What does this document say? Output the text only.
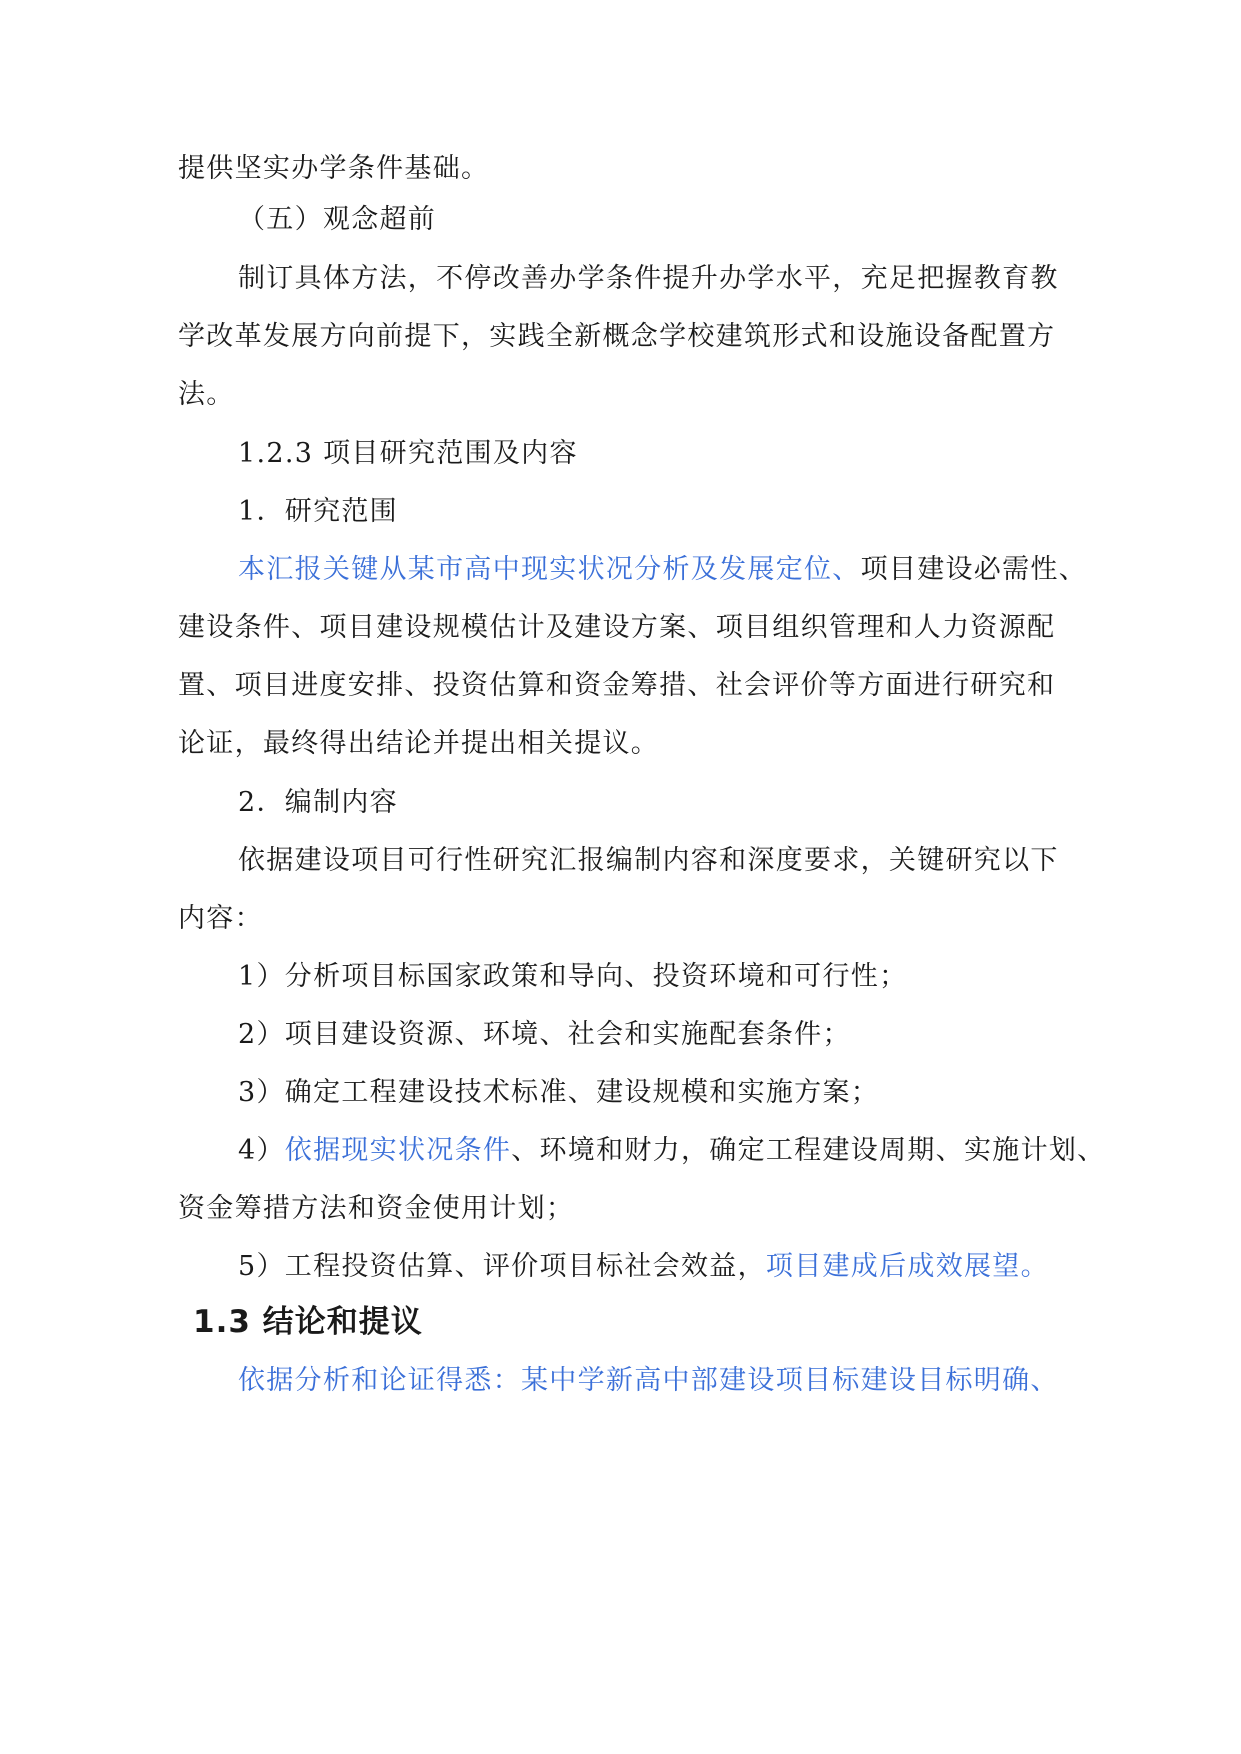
提供坚实办学条件基础。
（五）观念超前
制订具体方法，不停改善办学条件提升办学水平，充足把握教育教
学改革发展方向前提下，实践全新概念学校建筑形式和设施设备配置方
法。
1.2.3 项目研究范围及内容
1．研究范围
本汇报关键从某市高中现实状况分析及发展定位、项目建设必需性、
建设条件、项目建设规模估计及建设方案、项目组织管理和人力资源配
置、项目进度安排、投资估算和资金筹措、社会评价等方面进行研究和
论证，最终得出结论并提出相关提议。
2．编制内容
依据建设项目可行性研究汇报编制内容和深度要求，关键研究以下
内容：
1）分析项目标国家政策和导向、投资环境和可行性；
2）项目建设资源、环境、社会和实施配套条件；
3）确定工程建设技术标准、建设规模和实施方案；
4）依据现实状况条件、环境和财力，确定工程建设周期、实施计划、
资金筹措方法和资金使用计划；
5）工程投资估算、评价项目标社会效益，项目建成后成效展望。
1.3 结论和提议
依据分析和论证得悉：某中学新高中部建设项目标建设目标明确、
